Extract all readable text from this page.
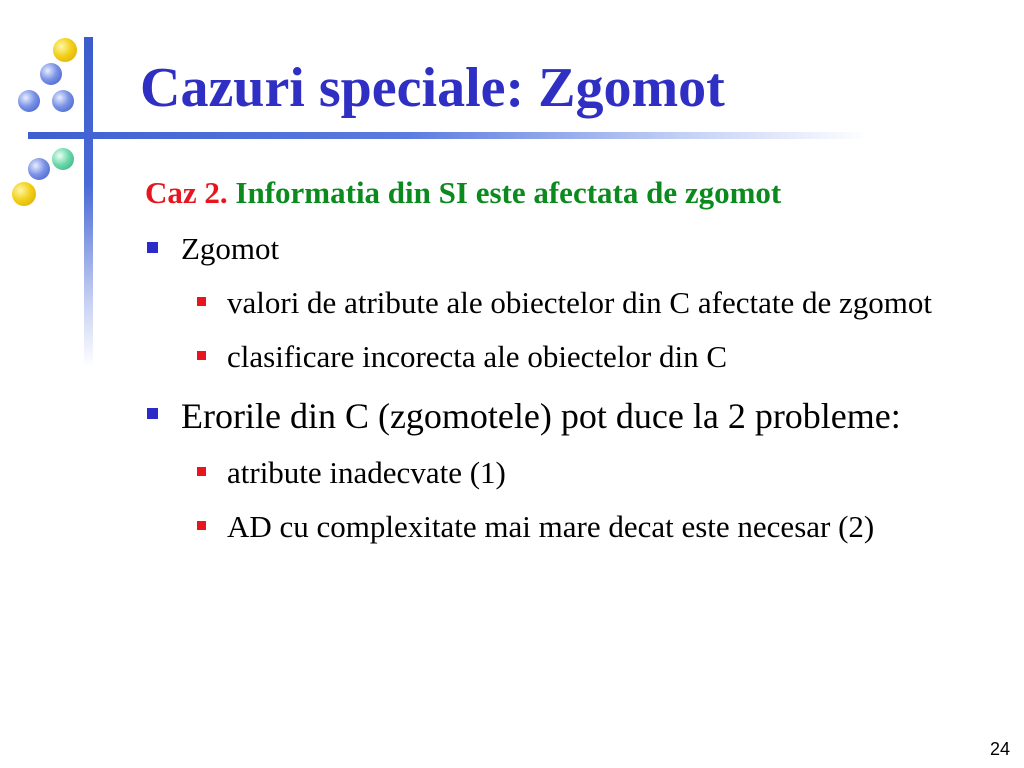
Cazuri speciale: Zgomot
Caz 2. Informatia din SI este afectata de zgomot
Zgomot
valori de atribute ale obiectelor din C afectate de zgomot
clasificare incorecta ale obiectelor din C
Erorile din C (zgomotele) pot duce la 2 probleme:
atribute inadecvate (1)
AD cu complexitate mai mare decat este necesar (2)
24
